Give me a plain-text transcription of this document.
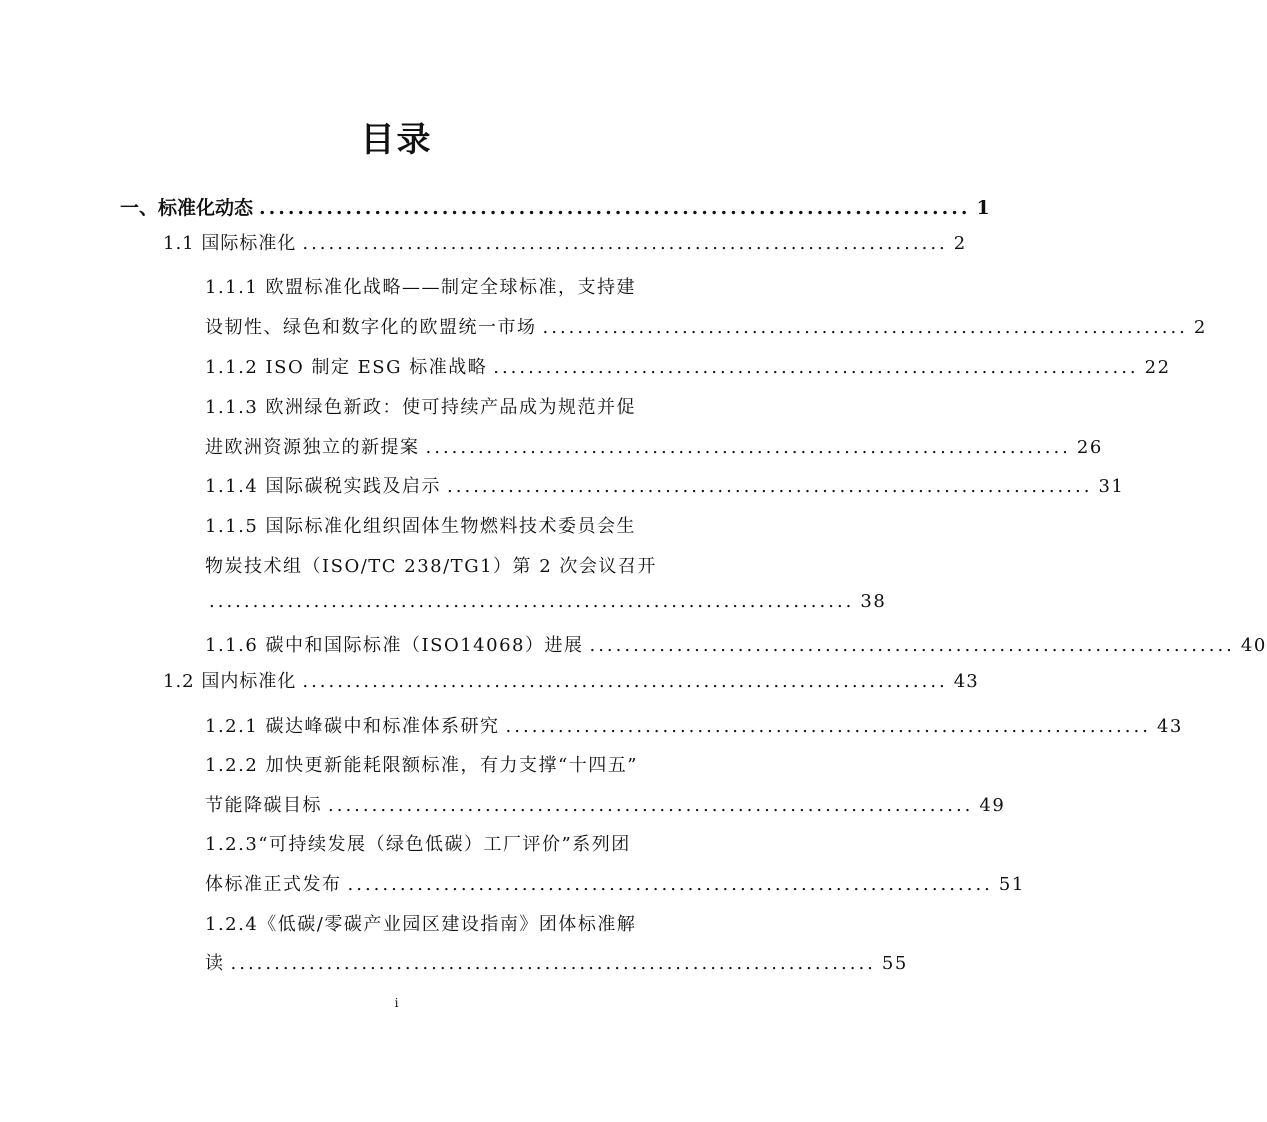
目录
一、标准化动态 .......................................................................... 1
1.1 国际标准化 .......................................................................... 2
1.1.1 欧盟标准化战略——制定全球标准，支持建
设韧性、绿色和数字化的欧盟统一市场 .......................................................................... 2
1.1.2 ISO 制定 ESG 标准战略 .......................................................................... 22
1.1.3 欧洲绿色新政：使可持续产品成为规范并促
进欧洲资源独立的新提案 .......................................................................... 26
1.1.4 国际碳税实践及启示 .......................................................................... 31
1.1.5 国际标准化组织固体生物燃料技术委员会生
物炭技术组（ISO/TC 238/TG1）第 2 次会议召开
.......................................................................... 38
1.1.6 碳中和国际标准（ISO14068）进展 .......................................................................... 40
1.2 国内标准化 .......................................................................... 43
1.2.1 碳达峰碳中和标准体系研究 .......................................................................... 43
1.2.2 加快更新能耗限额标准，有力支撑“十四五”
节能降碳目标 .......................................................................... 49
1.2.3“可持续发展（绿色低碳）工厂评价”系列团
体标准正式发布 .......................................................................... 51
1.2.4《低碳/零碳产业园区建设指南》团体标准解
读 .......................................................................... 55
i
